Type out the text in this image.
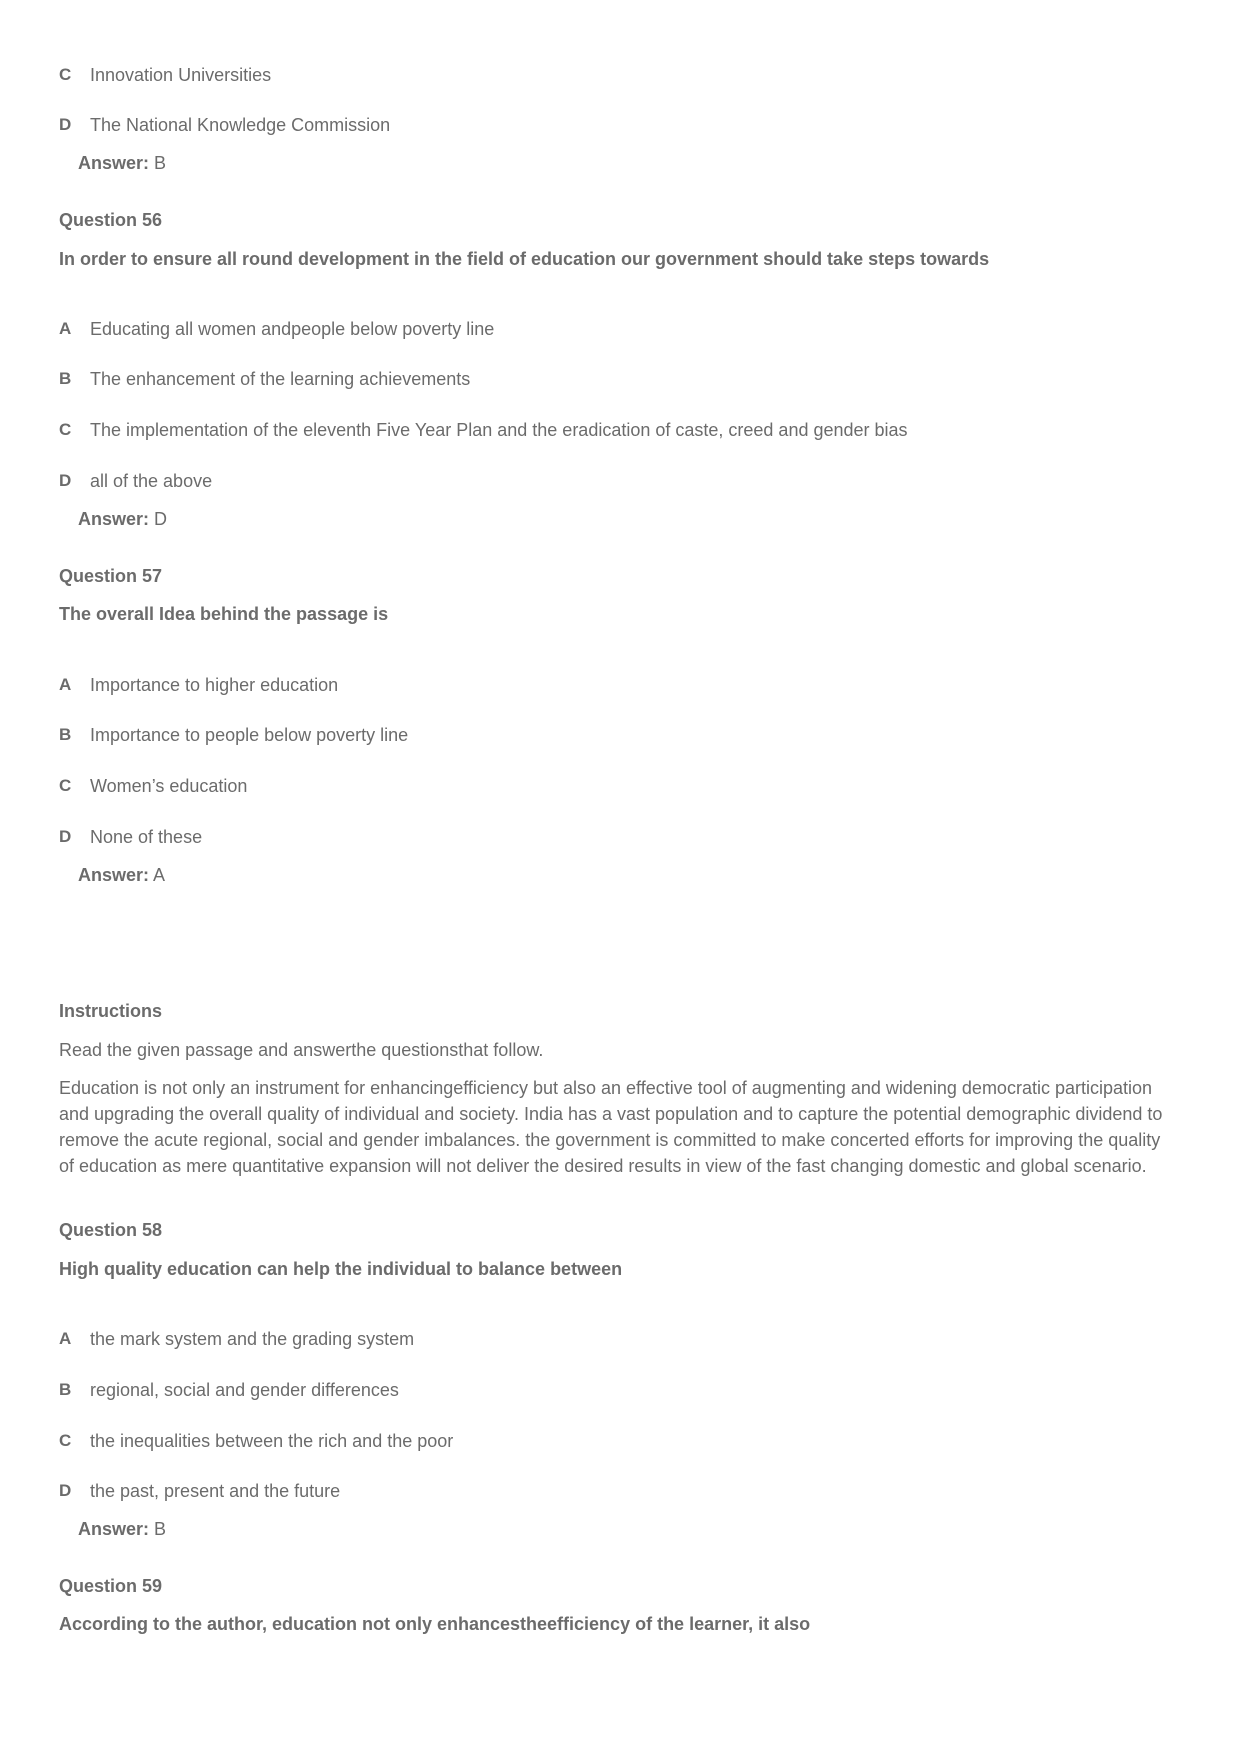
C Innovation Universities
D The National Knowledge Commission
Answer: B
Question 56
In order to ensure all round development in the field of education our government should take steps towards
A Educating all women andpeople below poverty line
B The enhancement of the learning achievements
C The implementation of the eleventh Five Year Plan and the eradication of caste, creed and gender bias
D all of the above
Answer: D
Question 57
The overall Idea behind the passage is
A Importance to higher education
B Importance to people below poverty line
C Women’s education
D None of these
Answer: A
Instructions
Read the given passage and answerthe questionsthat follow.
Education is not only an instrument for enhancingefficiency but also an effective tool of augmenting and widening democratic participation and upgrading the overall quality of individual and society. India has a vast population and to capture the potential demographic dividend to remove the acute regional, social and gender imbalances. the government is committed to make concerted efforts for improving the quality of education as mere quantitative expansion will not deliver the desired results in view of the fast changing domestic and global scenario.
Question 58
High quality education can help the individual to balance between
A the mark system and the grading system
B regional, social and gender differences
C the inequalities between the rich and the poor
D the past, present and the future
Answer: B
Question 59
According to the author, education not only enhancestheefficiency of the learner, it also
